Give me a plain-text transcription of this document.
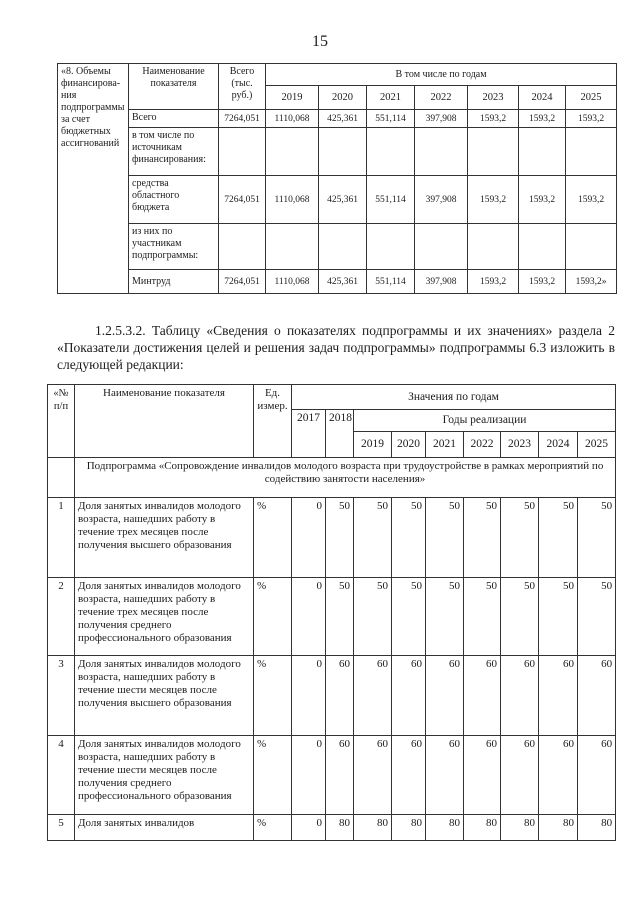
15
«8. Объемы финансирова-ния подпрограммы за счет бюджетных ассигнований	Наименование показателя	Всего (тыс. руб.)	В том числе по годам						
			2019	2020	2021	2022	2023	2024	2025
	Всего	7264,051	1110,068	425,361	551,114	397,908	1593,2	1593,2	1593,2
	в том числе по источникам финансирования:								
	средства областного бюджета	7264,051	1110,068	425,361	551,114	397,908	1593,2	1593,2	1593,2
	из них по участникам подпрограммы:								
	Минтруд	7264,051	1110,068	425,361	551,114	397,908	1593,2	1593,2	1593,2»

1.2.5.3.2. Таблицу «Сведения о показателях подпрограммы и их значениях» раздела 2 «Показатели достижения целей и решения задач подпрограммы» подпрограммы 6.3 изложить в следующей редакции:

«№ п/п	Наименование показателя	Ед. измер.	Значения по годам								
			2017	2018	Годы реализации						
					2019	2020	2021	2022	2023	2024	2025
	Подпрограмма «Сопровождение инвалидов молодого возраста при трудоустройстве в рамках мероприятий по содействию занятости населения»										
1	Доля занятых инвалидов молодого возраста, нашедших работу в течение трех месяцев после получения высшего образования	%	0	50	50	50	50	50	50	50	50
2	Доля занятых инвалидов молодого возраста, нашедших работу в течение трех месяцев после получения среднего профессионального образования	%	0	50	50	50	50	50	50	50	50
3	Доля занятых инвалидов молодого возраста, нашедших работу в течение шести месяцев после получения высшего образования	%	0	60	60	60	60	60	60	60	60
4	Доля занятых инвалидов молодого возраста, нашедших работу в течение шести месяцев после получения среднего профессионального образования	%	0	60	60	60	60	60	60	60	60
5	Доля занятых инвалидов	%	0	80	80	80	80	80	80	80	80
